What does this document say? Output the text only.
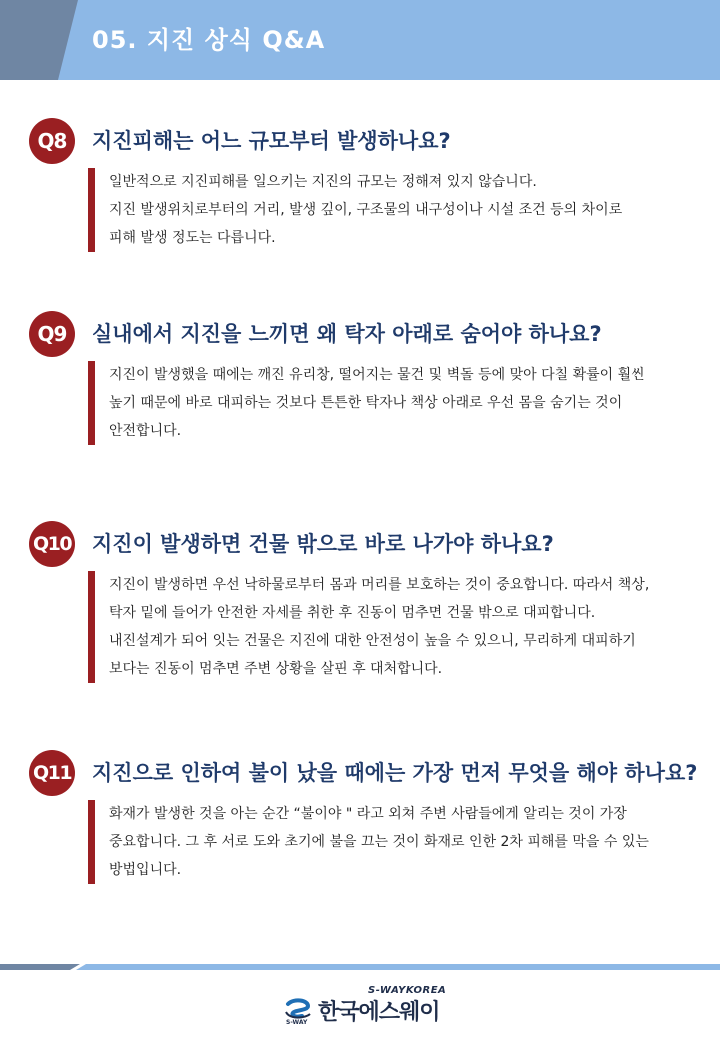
05. 지진 상식 Q&A
Q8	지진피해는 어느 규모부터 발생하나요?

일반적으로 지진피해를 일으키는 지진의 규모는 정해져 있지 않습니다.

지진 발생위치로부터의 거리, 발생 깊이, 구조물의 내구성이나 시설 조건 등의 차이로

피해 발생 정도는 다릅니다.

Q9	실내에서 지진을 느끼면 왜 탁자 아래로 숨어야 하나요?

지진이 발생했을 때에는 깨진 유리창, 떨어지는 물건 및 벽돌 등에 맞아 다칠 확률이 훨씬

높기 때문에 바로 대피하는 것보다 튼튼한 탁자나 책상 아래로 우선 몸을 숨기는 것이

안전합니다.

Q10 지진이 발생하면 건물 밖으로 바로 나가야 하나요?

지진이 발생하면 우선 낙하물로부터 몸과 머리를 보호하는 것이 중요합니다. 따라서 책상,

탁자 밑에 들어가 안전한 자세를 취한 후 진동이 멈추면 건물 밖으로 대피합니다.

내진설계가 되어 잇는 건물은 지진에 대한 안전성이 높을 수 있으니, 무리하게 대피하기

보다는 진동이 멈추면 주변 상황을 살핀 후 대처합니다.

Q11 지진으로 인하여 불이 났을 때에는 가장 먼저 무엇을 해야 하나요?

화재가 발생한 것을 아는 순간 “불이야 " 라고 외쳐 주변 사람들에게 알리는 것이 가장

중요합니다. 그 후 서로 도와 초기에 불을 끄는 것이 화재로 인한 2차 피해를 막을 수 있는

방법입니다.

S-WAY
S-WAYKOREA
한국에스웨이
